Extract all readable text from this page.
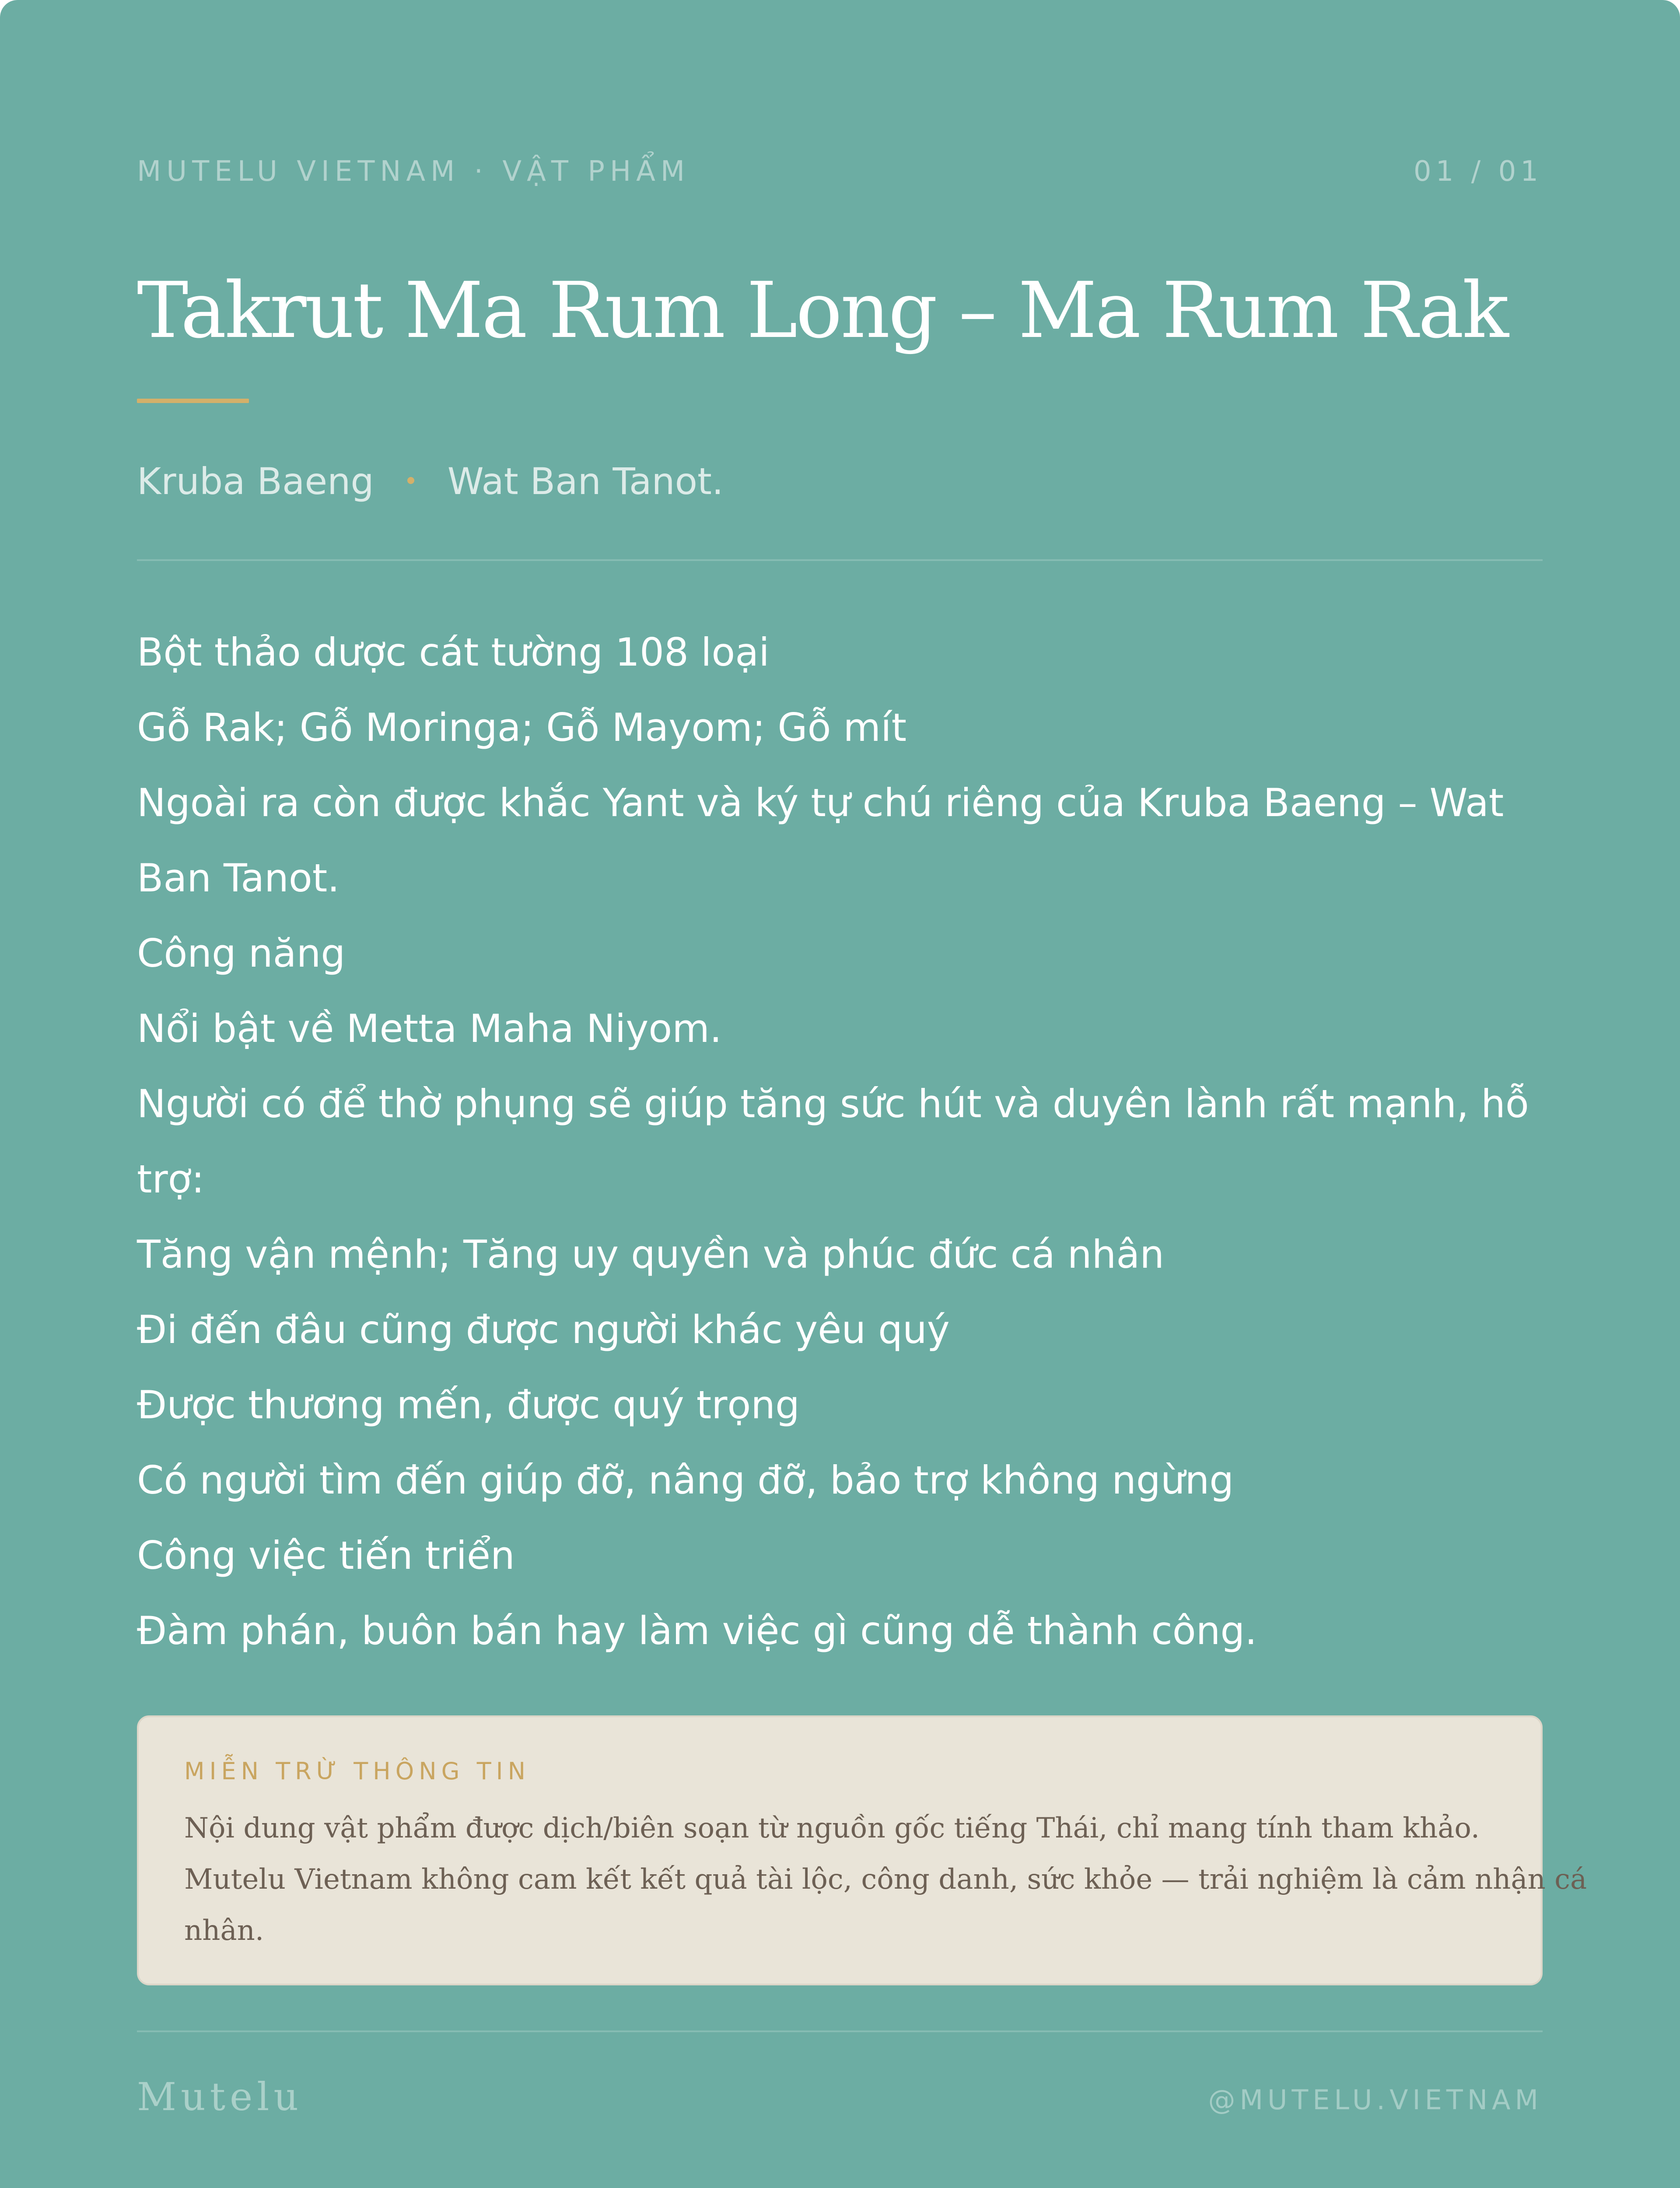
MUTELU VIETNAM · VẬT PHẨM	01 / 01
Takrut Ma Rum Long – Ma Rum Rak
Kruba Baeng Wat Ban Tanot.
Bột thảo dược cát tường 108 loại
Gỗ Rak; Gỗ Moringa; Gỗ Mayom; Gỗ mít
Ngoài ra còn được khắc Yant và ký tự chú riêng của Kruba Baeng – Wat
Ban Tanot.
Công năng
Nổi bật về Metta Maha Niyom.
Người có để thờ phụng sẽ giúp tăng sức hút và duyên lành rất mạnh, hỗ
trợ:
Tăng vận mệnh; Tăng uy quyền và phúc đức cá nhân
Đi đến đâu cũng được người khác yêu quý
Được thương mến, được quý trọng
Có người tìm đến giúp đỡ, nâng đỡ, bảo trợ không ngừng
Công việc tiến triển
Đàm phán, buôn bán hay làm việc gì cũng dễ thành công.
MIỄN TRỪ THÔNG TIN
Nội dung vật phẩm được dịch/biên soạn từ nguồn gốc tiếng Thái, chỉ mang tính tham khảo.
Mutelu Vietnam không cam kết kết quả tài lộc, công danh, sức khỏe — trải nghiệm là cảm nhận cá
nhân.
Mutelu	@MUTELU.VIETNAM
